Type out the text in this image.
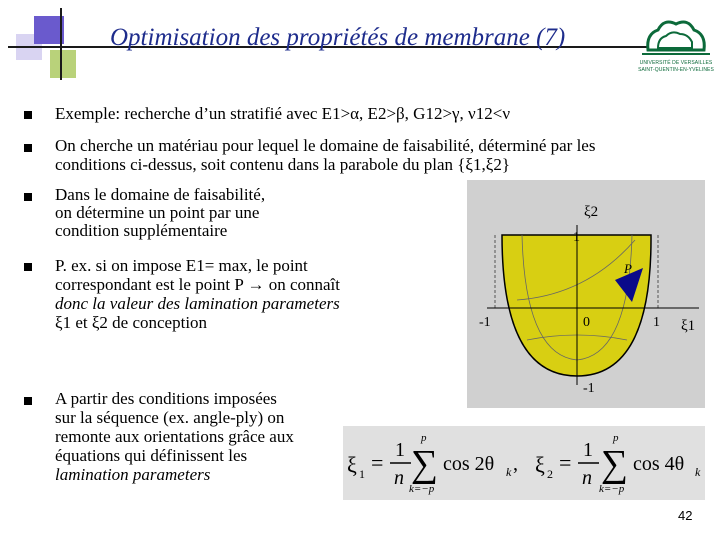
Optimisation des propriétés de membrane (7)
UNIVERSITÉ DE VERSAILLES
SAINT-QUENTIN-EN-YVELINES
Exemple: recherche d’un stratifié avec E1>α, E2>β, G12>γ, ν12<ν
On cherche un matériau pour lequel le domaine de faisabilité, déterminé par les
conditions ci-dessus, soit contenu dans la parabole du plan {ξ1,ξ2}
Dans le domaine de faisabilité,
on détermine un point par une
condition supplémentaire
P. ex. si on impose E1= max, le point
correspondant est le point P → on connaît
donc la valeur des lamination parameters
ξ1 et ξ2 de conception
A partir des conditions imposées
sur la séquence (ex. angle-ply) on
remonte aux orientations grâce aux
équations qui définissent les
lamination parameters
ξ2
1
P
-1	0	1 ξ1
-1
ξ 1 = 1
n
p
∑
k=−p
cos 2θ k , ξ 2 = 1
n
p
∑
k=−p
cos 4θ k
42
